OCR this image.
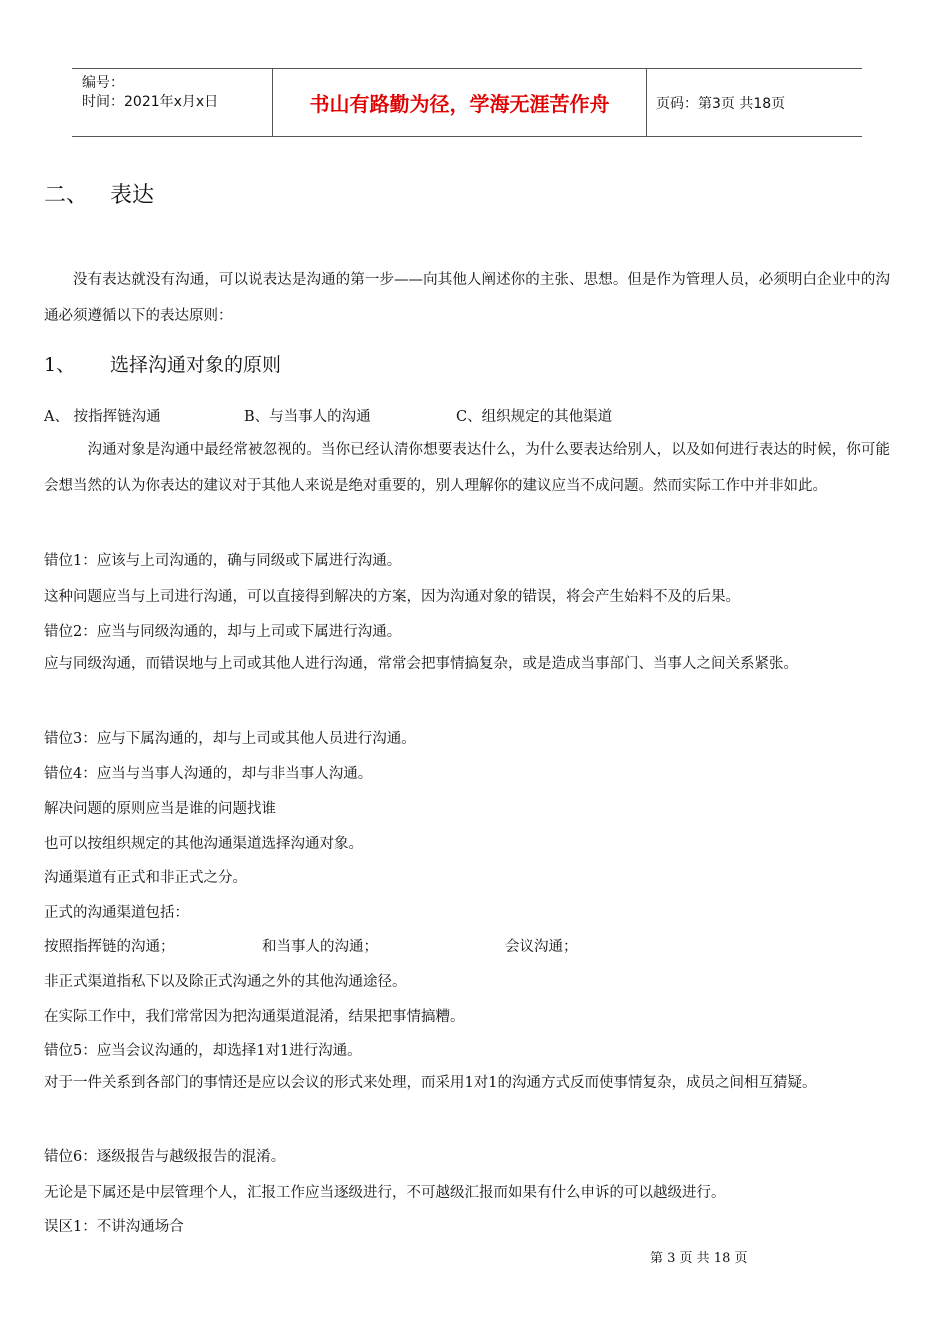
编号：
时间：2021年x月x日	书山有路勤为径，学海无涯苦作舟	页码：第3页 共18页
二、 表达
没有表达就没有沟通，可以说表达是沟通的第一步——向其他人阐述你的主张、思想。但是作为管理人员，必须明白企业中的沟通必须遵循以下的表达原则：
1、 选择沟通对象的原则
A、 按指挥链沟通	B、与当事人的沟通	C、组织规定的其他渠道
沟通对象是沟通中最经常被忽视的。当你已经认清你想要表达什么，为什么要表达给别人，以及如何进行表达的时候，你可能会想当然的认为你表达的建议对于其他人来说是绝对重要的，别人理解你的建议应当不成问题。然而实际工作中并非如此。
错位1：应该与上司沟通的，确与同级或下属进行沟通。
这种问题应当与上司进行沟通，可以直接得到解决的方案，因为沟通对象的错误，将会产生始料不及的后果。
错位2：应当与同级沟通的，却与上司或下属进行沟通。
应与同级沟通，而错误地与上司或其他人进行沟通，常常会把事情搞复杂，或是造成当事部门、当事人之间关系紧张。
错位3：应与下属沟通的，却与上司或其他人员进行沟通。
错位4：应当与当事人沟通的，却与非当事人沟通。
解决问题的原则应当是谁的问题找谁
也可以按组织规定的其他沟通渠道选择沟通对象。
沟通渠道有正式和非正式之分。
正式的沟通渠道包括：
按照指挥链的沟通；	和当事人的沟通；	会议沟通；
非正式渠道指私下以及除正式沟通之外的其他沟通途径。
在实际工作中，我们常常因为把沟通渠道混淆，结果把事情搞糟。
错位5：应当会议沟通的，却选择1对1进行沟通。
对于一件关系到各部门的事情还是应以会议的形式来处理，而采用1对1的沟通方式反而使事情复杂，成员之间相互猜疑。
错位6：逐级报告与越级报告的混淆。
无论是下属还是中层管理个人，汇报工作应当逐级进行，不可越级汇报而如果有什么申诉的可以越级进行。
误区1：不讲沟通场合
第 3 页 共 18 页
